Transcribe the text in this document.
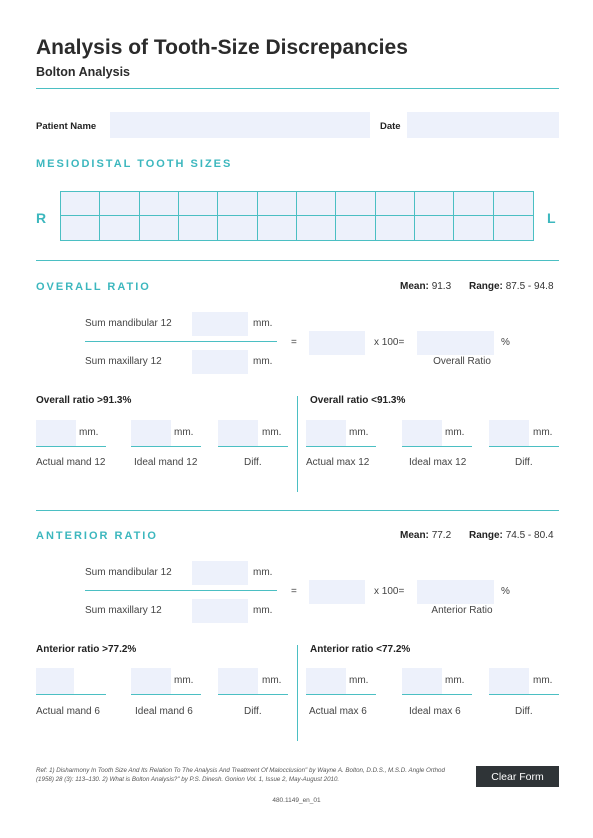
Analysis of Tooth-Size Discrepancies
Bolton Analysis
Patient Name	Date
MESIODISTAL TOOTH SIZES
R	L
OVERALL RATIO	Mean: 91.3 Range: 87.5 - 94.8
Sum mandibular 12	mm.
Sum maxillary 12	mm.
=	x 100=	%
Overall Ratio
Overall ratio >91.3%	Overall ratio <91.3%
mm.
Actual mand 12
mm.
Ideal mand 12
mm.
Diff.
mm.
Actual max 12
mm.
Ideal max 12
mm.
Diff.
ANTERIOR RATIO	Mean: 77.2 Range: 74.5 - 80.4
Sum mandibular 12	mm.
Sum maxillary 12	mm.
=	x 100=	%
Anterior Ratio
Anterior ratio >77.2%	Anterior ratio <77.2%
Actual mand 6
mm.
Ideal mand 6
mm.
Diff.
mm.
Actual max 6
mm.
Ideal max 6
mm.
Diff.
Ref: 1) Disharmony In Tooth Size And Its Relation To The Analysis And Treatment Of Malocclusion" by Wayne A. Bolton, D.D.S., M.S.D. Angle Orthod (1958) 28 (3): 113–130. 2) What is Bolton Analysis?" by P.S. Dinesh. Gonion Vol. 1, Issue 2, May-August 2010.	Clear Form
480.1149_en_01
